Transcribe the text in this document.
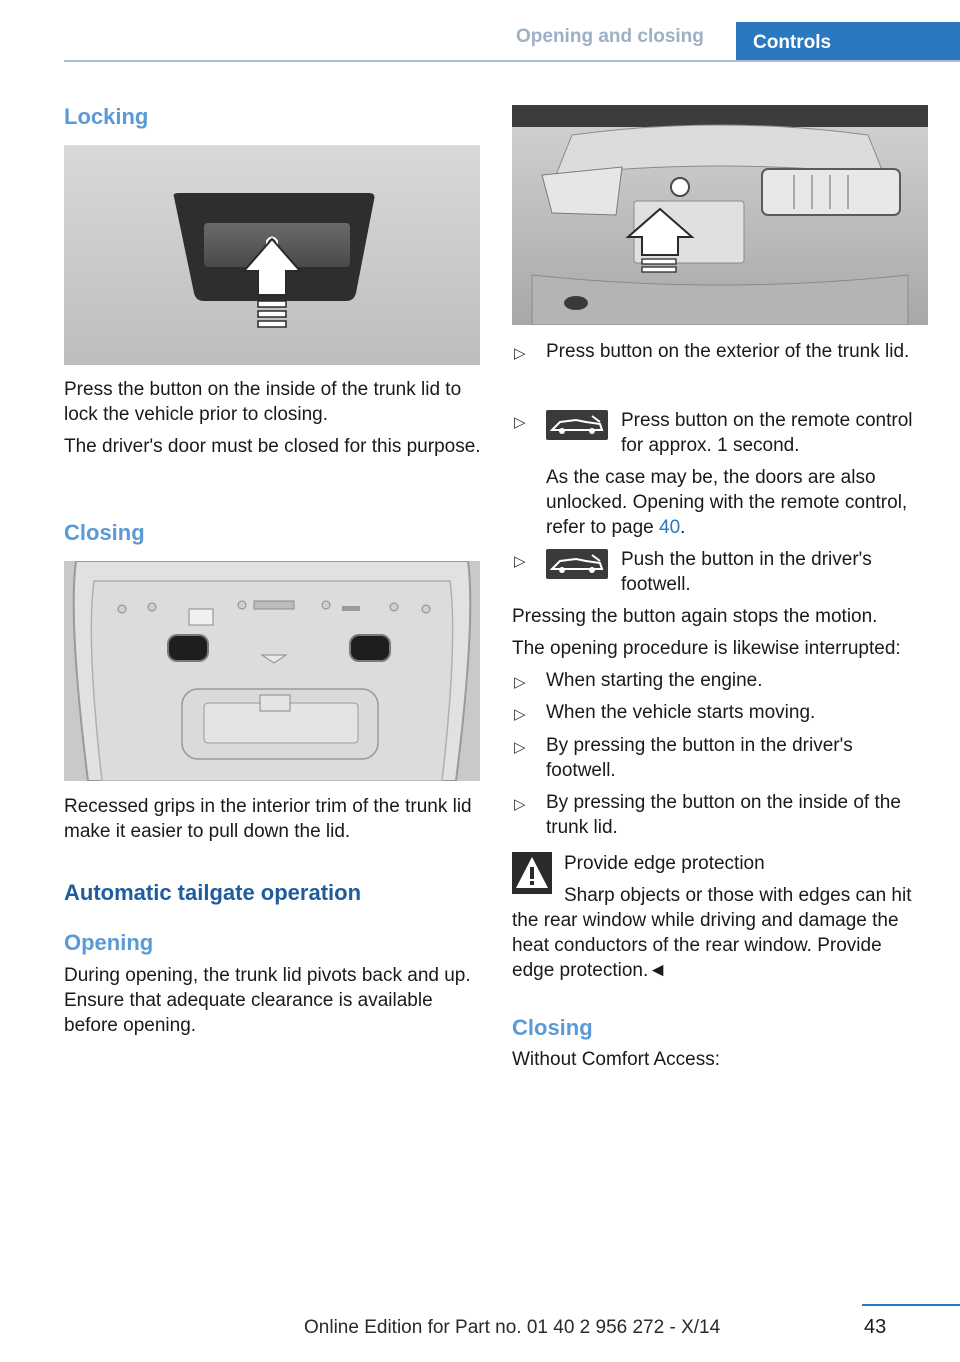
Opening and closing	Controls
Locking
Press the button on the inside of the trunk lid to lock the vehicle prior to closing.
The driver's door must be closed for this purpose.
Closing
Recessed grips in the interior trim of the trunk lid make it easier to pull down the lid.
Automatic tailgate operation
Opening
During opening, the trunk lid pivots back and up. Ensure that adequate clearance is available before opening.
▷ Press button on the exterior of the trunk lid.
▷	Press button on the remote control for approx. 1 second.
As the case may be, the doors are also unlocked. Opening with the remote control, refer to page 40.
▷	Push the button in the driver's footwell.
Pressing the button again stops the motion.
The opening procedure is likewise interrupted:
▷ When starting the engine.
▷ When the vehicle starts moving.
▷ By pressing the button in the driver's footwell.
▷ By pressing the button on the inside of the trunk lid.
Provide edge protection
Sharp objects or those with edges can hit the rear window while driving and damage the heat conductors of the rear window. Provide edge protection.◄
Closing
Without Comfort Access:
43
Online Edition for Part no. 01 40 2 956 272 - X/14
